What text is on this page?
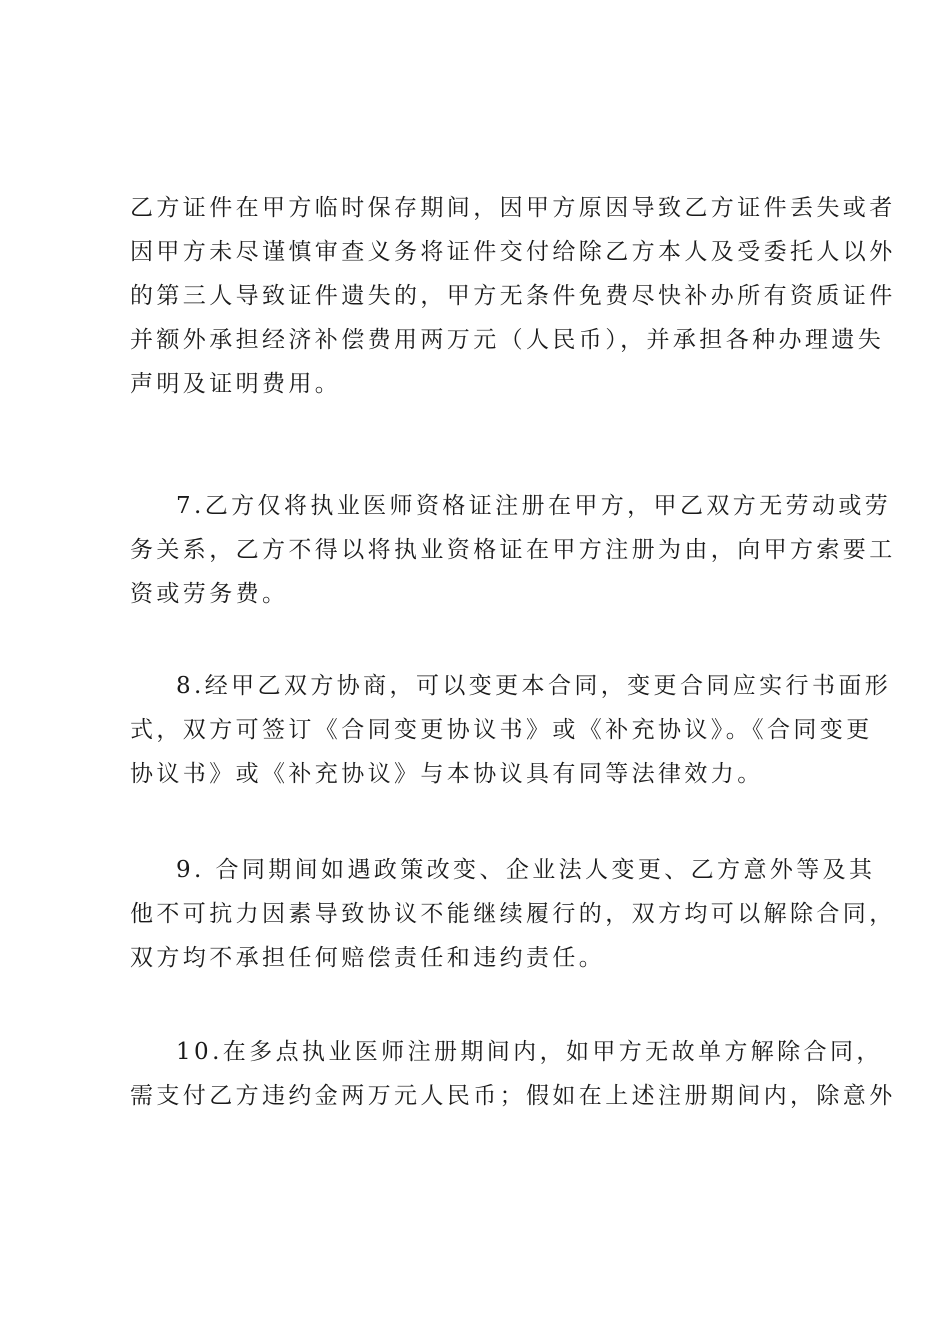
乙方证件在甲方临时保存期间，因甲方原因导致乙方证件丢失或者
因甲方未尽谨慎审查义务将证件交付给除乙方本人及受委托人以外
的第三人导致证件遗失的，甲方无条件免费尽快补办所有资质证件
并额外承担经济补偿费用两万元（人民币），并承担各种办理遗失
声明及证明费用。
7.乙方仅将执业医师资格证注册在甲方，甲乙双方无劳动或劳
务关系，乙方不得以将执业资格证在甲方注册为由，向甲方索要工
资或劳务费。
8.经甲乙双方协商，可以变更本合同，变更合同应实行书面形
式，双方可签订《合同变更协议书》或《补充协议》。《合同变更
协议书》或《补充协议》与本协议具有同等法律效力。
9. 合同期间如遇政策改变、企业法人变更、乙方意外等及其
他不可抗力因素导致协议不能继续履行的，双方均可以解除合同，
双方均不承担任何赔偿责任和违约责任。
10.在多点执业医师注册期间内，如甲方无故单方解除合同，
需支付乙方违约金两万元人民币；假如在上述注册期间内，除意外
